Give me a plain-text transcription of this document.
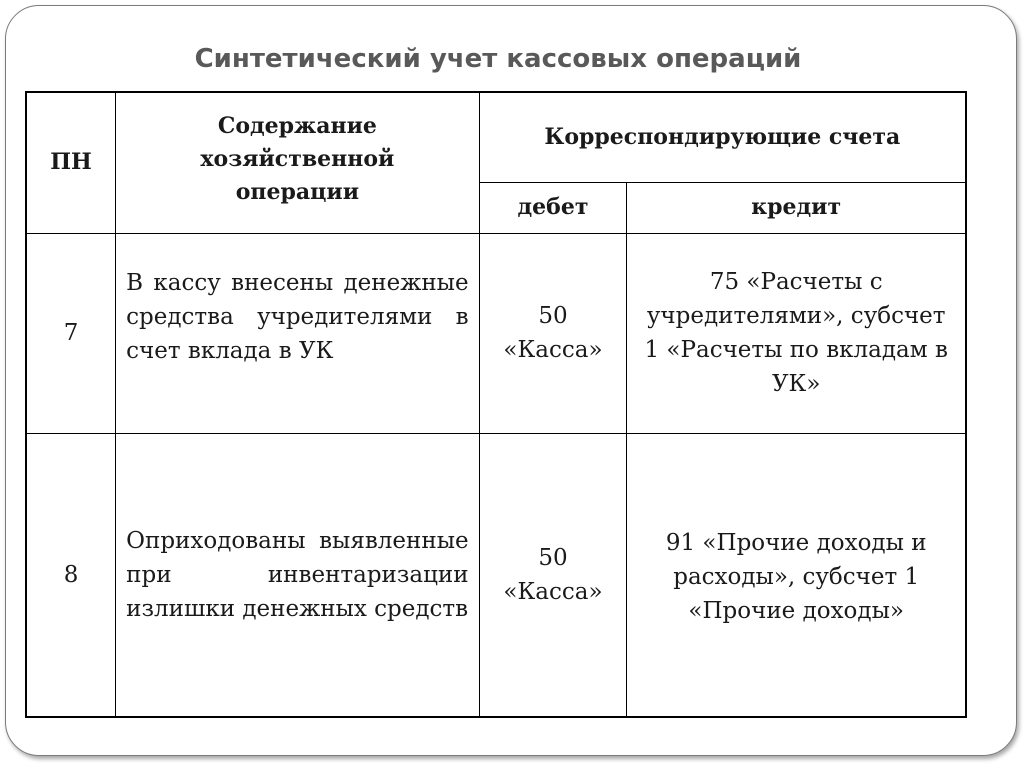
Синтетический учет кассовых операций
ПН	Содержание хозяйственной операции	Корреспондирующие счета	
		дебет	кредит
7	В кассу внесены денежные средства учредителями в счет вклада в УК	50 «Касса»	75 «Расчеты с учредителями», субсчет 1 «Расчеты по вкладам в УК»
8	Оприходованы выявленные при инвентаризации излишки денежных средств	50 «Касса»	91 «Прочие доходы и расходы», субсчет 1 «Прочие доходы»
